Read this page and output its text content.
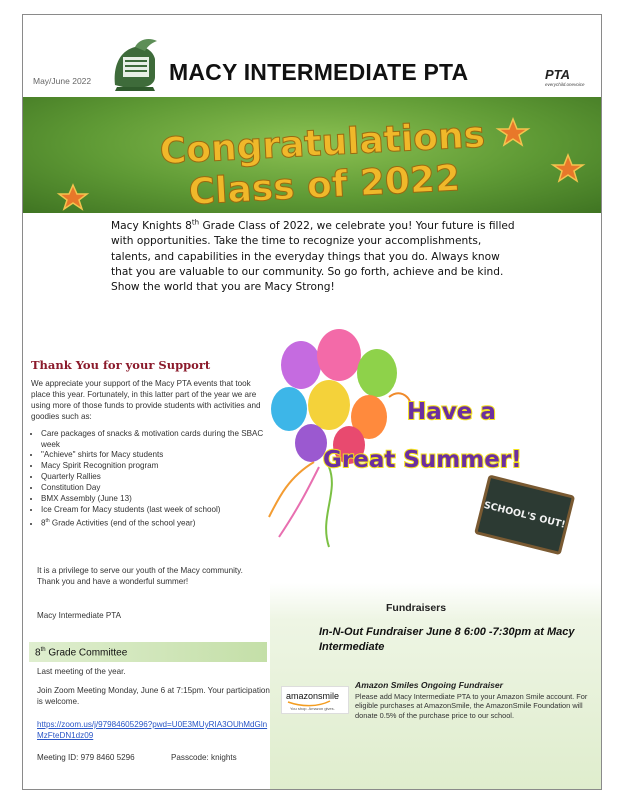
May/June 2022	MACY INTERMEDIATE PTA	PTA
everychild.onevoice
Congratulations
Class of 2022
Macy Knights 8th Grade Class of 2022, we celebrate you! Your future is filled with opportunities. Take the time to recognize your accomplishments, talents, and capabilities in the everyday things that you do. Always know that you are valuable to our community. So go forth, achieve and be kind. Show the world that you are Macy Strong!
Thank You for your Support
We appreciate your support of the Macy PTA events that took place this year. Fortunately, in this latter part of the year we are using more of those funds to provide students with activities and goodies such as:
• Care packages of snacks & motivation cards during the SBAC week
• "Achieve" shirts for Macy students
• Macy Spirit Recognition program
• Quarterly Rallies
• Constitution Day
• BMX Assembly (June 13)
• Ice Cream for Macy students (last week of school)
• 8th Grade Activities (end of the school year)
It is a privilege to serve our youth of the Macy community. Thank you and have a wonderful summer!
Macy Intermediate PTA
Have a
Great Summer!
SCHOOL'S OUT!
Fundraisers
In-N-Out Fundraiser June 8 6:00 -7:30pm at Macy Intermediate
amazonsmile
You shop. Amazon gives.
Amazon Smiles Ongoing Fundraiser
Please add Macy Intermediate PTA to your Amazon Smile account. For eligible purchases at AmazonSmile, the AmazonSmile Foundation will donate 0.5% of the purchase price to our school.
8th Grade Committee
Last meeting of the year.
Join Zoom Meeting Monday, June 6 at 7:15pm. Your participation is welcome.
https://zoom.us/j/97984605296?pwd=U0E3MUyRIA3OUhMdGlnMzFteDN1dz09
Meeting ID: 979 8460 5296	Passcode: knights
